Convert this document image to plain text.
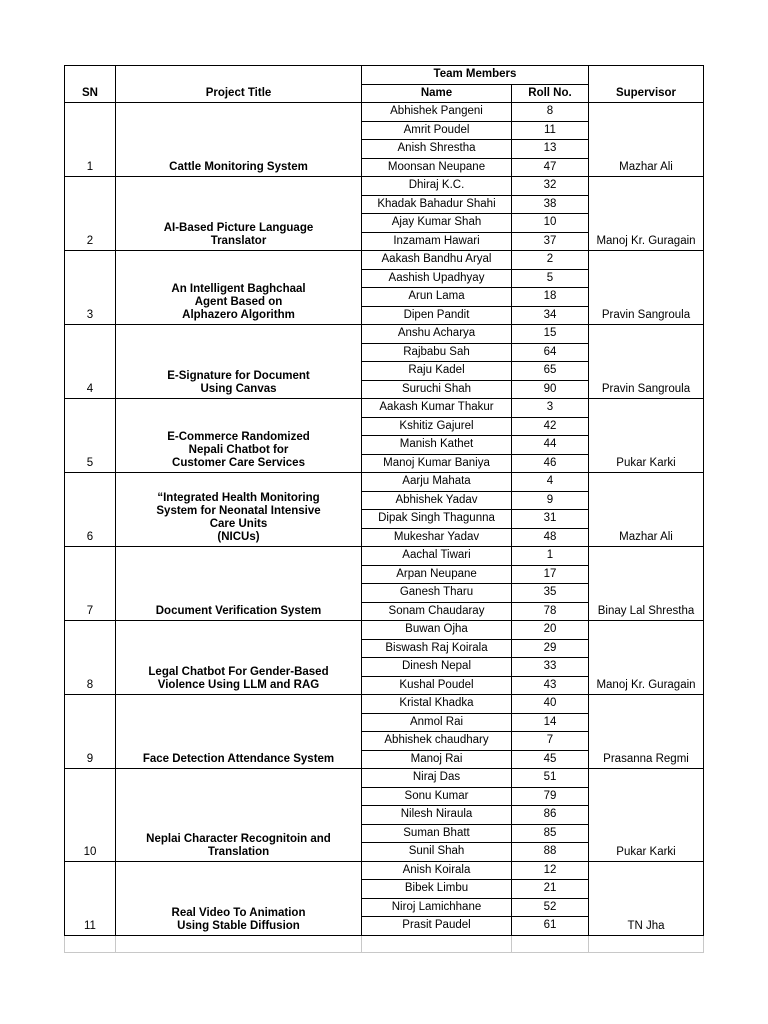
SN	Project Title	Team Members		Supervisor
		Name	Roll No.	
1	Cattle Monitoring System	Abhishek Pangeni	8	Mazhar Ali
		Amrit Poudel	11	
		Anish Shrestha	13	
		Moonsan Neupane	47	
2	AI-Based Picture Language
Translator	Dhiraj K.C.	32	Manoj Kr. Guragain
		Khadak Bahadur Shahi	38	
		Ajay Kumar Shah	10	
		Inzamam Hawari	37	
3	An Intelligent Baghchaal
Agent Based on
Alphazero Algorithm	Aakash Bandhu Aryal	2	Pravin Sangroula
		Aashish Upadhyay	5	
		Arun Lama	18	
		Dipen Pandit	34	
4	E-Signature for Document
Using Canvas	Anshu Acharya	15	Pravin Sangroula
		Rajbabu Sah	64	
		Raju Kadel	65	
		Suruchi Shah	90	
5	E-Commerce Randomized
Nepali Chatbot for
Customer Care Services	Aakash Kumar Thakur	3	Pukar Karki
		Kshitiz Gajurel	42	
		Manish Kathet	44	
		Manoj Kumar Baniya	46	
6	“Integrated Health Monitoring
System for Neonatal Intensive
Care Units
(NICUs)	Aarju Mahata	4	Mazhar Ali
		Abhishek Yadav	9	
		Dipak Singh Thagunna	31	
		Mukeshar Yadav	48	
7	Document Verification System	Aachal Tiwari	1	Binay Lal Shrestha
		Arpan Neupane	17	
		Ganesh Tharu	35	
		Sonam Chaudaray	78	
8	Legal Chatbot For Gender-Based
Violence Using LLM and RAG	Buwan Ojha	20	Manoj Kr. Guragain
		Biswash Raj Koirala	29	
		Dinesh Nepal	33	
		Kushal Poudel	43	
9	Face Detection Attendance System	Kristal Khadka	40	Prasanna Regmi
		Anmol Rai	14	
		Abhishek chaudhary	7	
		Manoj Rai	45	
10	Neplai Character Recognitoin and
Translation	Niraj Das	51	Pukar Karki
		Sonu Kumar	79	
		Nilesh Niraula	86	
		Suman Bhatt	85	
		Sunil Shah	88	
11	Real Video To Animation
Using Stable Diffusion	Anish Koirala	12	TN Jha
		Bibek Limbu	21	
		Niroj Lamichhane	52	
		Prasit Paudel	61	
